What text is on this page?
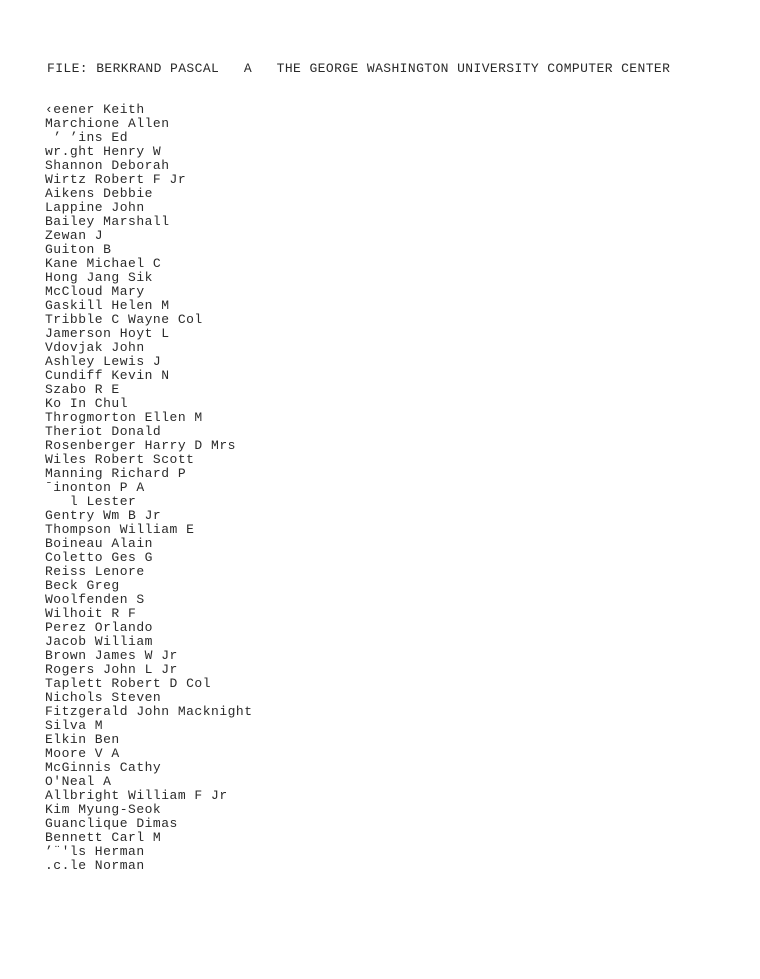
FILE: BERKRAND PASCAL A THE GEORGE WASHINGTON UNIVERSITY COMPUTER CENTER
‹eener Keith
Marchione Allen
’ ’ins Ed
wr.ght Henry W
Shannon Deborah
Wirtz Robert F Jr
Aikens Debbie
Lappine John
Bailey Marshall
Zewan J
Guiton B
Kane Michael C
Hong Jang Sik
McCloud Mary
Gaskill Helen M
Tribble C Wayne Col
Jamerson Hoyt L
Vdovjak John
Ashley Lewis J
Cundiff Kevin N
Szabo R E
Ko In Chul
Throgmorton Ellen M
Theriot Donald
Rosenberger Harry D Mrs
Wiles Robert Scott
Manning Richard P
ˉinonton P A
l Lester
Gentry Wm B Jr
Thompson William E
Boineau Alain
Coletto Ges G
Reiss Lenore
Beck Greg
Woolfenden S
Wilhoit R F
Perez Orlando
Jacob William
Brown James W Jr
Rogers John L Jr
Taplett Robert D Col
Nichols Steven
Fitzgerald John Macknight
Silva M
Elkin Ben
Moore V A
McGinnis Cathy
O'Neal A
Allbright William F Jr
Kim Myung-Seok
Guanclique Dimas
Bennett Carl M
’¨'ls Herman
.c.le Norman
